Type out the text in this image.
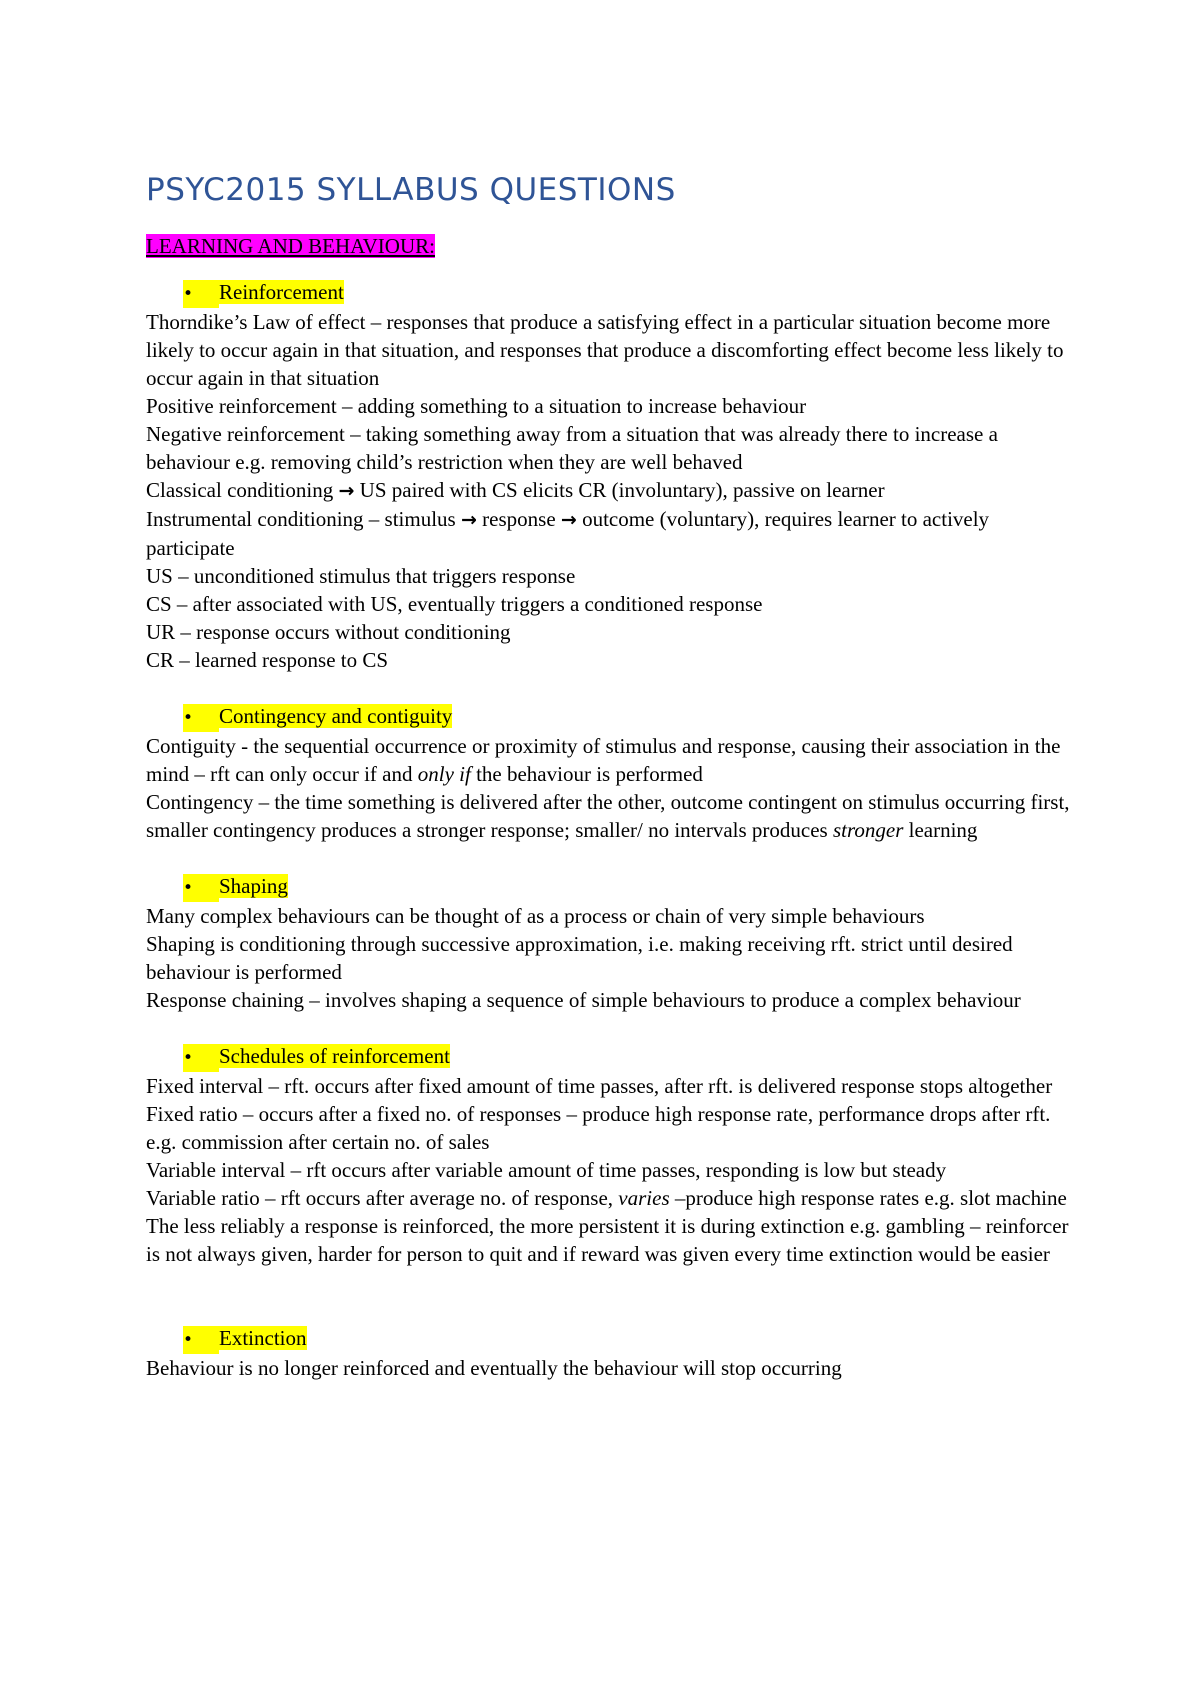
PSYC2015 SYLLABUS QUESTIONS

LEARNING AND BEHAVIOUR:

• Reinforcement

Thorndike’s Law of effect – responses that produce a satisfying effect in a particular situation become more likely to occur again in that situation, and responses that produce a discomforting effect become less likely to occur again in that situation

Positive reinforcement – adding something to a situation to increase behaviour

Negative reinforcement – taking something away from a situation that was already there to increase a behaviour e.g. removing child’s restriction when they are well behaved

Classical conditioning → US paired with CS elicits CR (involuntary), passive on learner

Instrumental conditioning – stimulus → response → outcome (voluntary), requires learner to actively participate

US – unconditioned stimulus that triggers response

CS – after associated with US, eventually triggers a conditioned response

UR – response occurs without conditioning

CR – learned response to CS

• Contingency and contiguity

Contiguity - the sequential occurrence or proximity of stimulus and response, causing their association in the mind – rft can only occur if and only if the behaviour is performed

Contingency – the time something is delivered after the other, outcome contingent on stimulus occurring first, smaller contingency produces a stronger response; smaller/ no intervals produces stronger learning

• Shaping

Many complex behaviours can be thought of as a process or chain of very simple behaviours

Shaping is conditioning through successive approximation, i.e. making receiving rft. strict until desired behaviour is performed

Response chaining – involves shaping a sequence of simple behaviours to produce a complex behaviour

• Schedules of reinforcement

Fixed interval – rft. occurs after fixed amount of time passes, after rft. is delivered response stops altogether

Fixed ratio – occurs after a fixed no. of responses – produce high response rate, performance drops after rft. e.g. commission after certain no. of sales

Variable interval – rft occurs after variable amount of time passes, responding is low but steady

Variable ratio – rft occurs after average no. of response, varies –produce high response rates e.g. slot machine

The less reliably a response is reinforced, the more persistent it is during extinction e.g. gambling – reinforcer is not always given, harder for person to quit and if reward was given every time extinction would be easier

• Extinction

Behaviour is no longer reinforced and eventually the behaviour will stop occurring
